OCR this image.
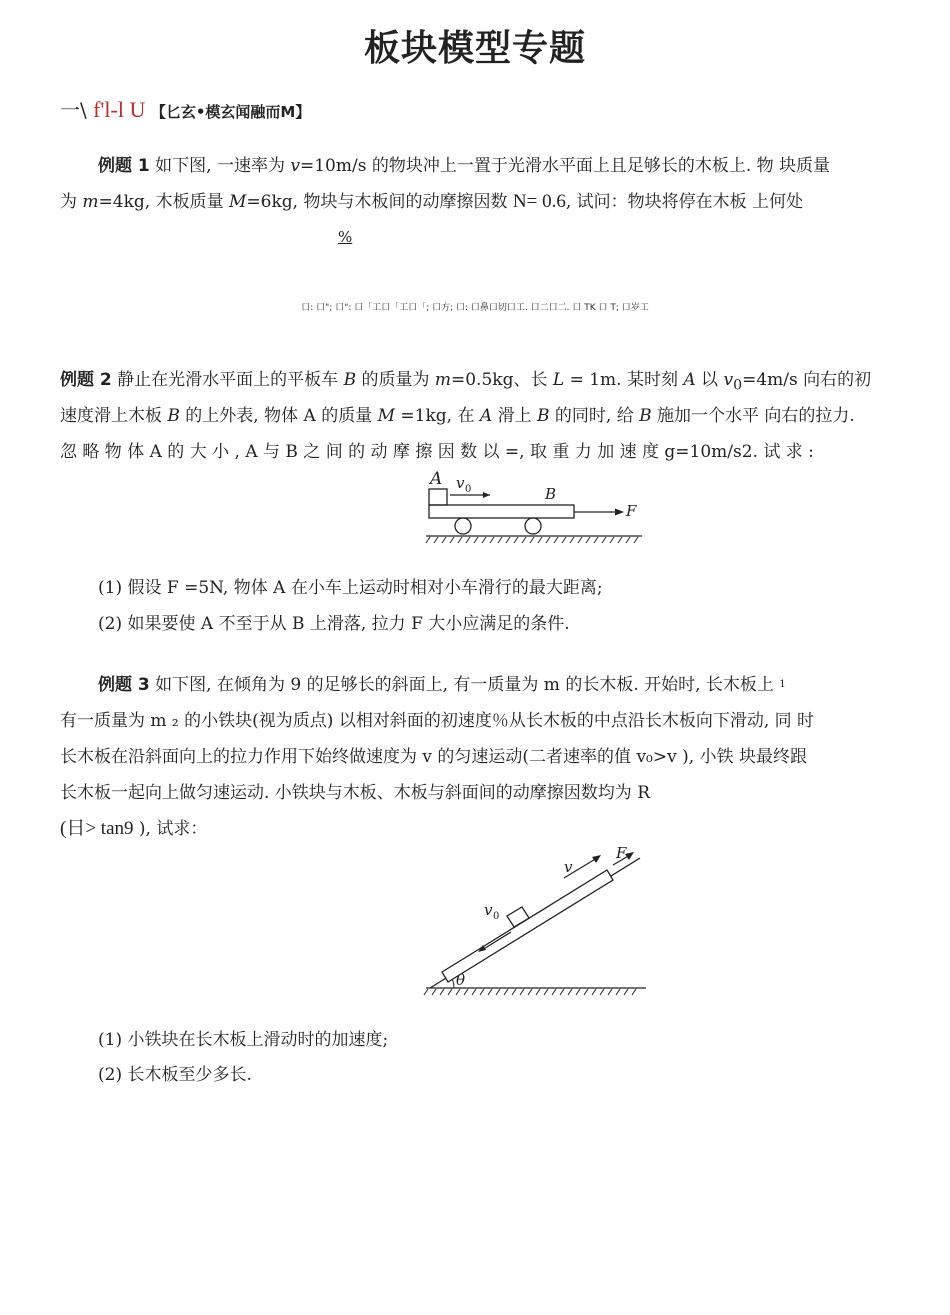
板块模型专题
一\ f'l-l U 【匕玄•模玄闻融而M】
例题 1 如下图, 一速率为 v=10m/s 的物块冲上一置于光滑水平面上且足够长的木板上. 物 块质量
为 m=4kg, 木板质量 M=6kg, 物块与木板间的动摩擦因数 N= 0.6, 试问：物块将停在木板 上何处
%
口: 口"; 口": 口「工口「工口「; 口方; 口: 口鼻口切口工. 口二口二. 口 TK 口 T; 口岁工
例题 2 静止在光滑水平面上的平板车 B 的质量为 m=0.5kg、长 L = 1m. 某时刻 A 以 $v_0=4m/s$ 向右的初
速度滑上木板 B 的上外表, 物体 A 的质量 M =1kg, 在 A 滑上 B 的同时, 给 B 施加一个水平 向右的拉力.
忽 略 物 体 A 的 大 小 , A 与 B 之 间 的 动 摩 擦 因 数 以 =, 取 重 力 加 速 度 g=10m/s2. 试 求 :
A v 0	B
F
(1) 假设 F =5N, 物体 A 在小车上运动时相对小车滑行的最大距离;
(2) 如果要使 A 不至于从 B 上滑落, 拉力 F 大小应满足的条件.
例题 3 如下图, 在倾角为 9 的足够长的斜面上, 有一质量为 m 的长木板. 开始时, 长木板上 $^1$
有一质量为 m ₂ 的小铁块(视为质点) 以相对斜面的初速度％从长木板的中点沿长木板向下滑动, 同 时
长木板在沿斜面向上的拉力作用下始终做速度为 v 的匀速运动(二者速率的值 v₀>v ), 小铁 块最终跟
长木板一起向上做匀速运动. 小铁块与木板、木板与斜面间的动摩擦因数均为 R
(日> tan9 ), 试求：
θ
v 0
v
F
(1) 小铁块在长木板上滑动时的加速度;
(2) 长木板至少多长.
